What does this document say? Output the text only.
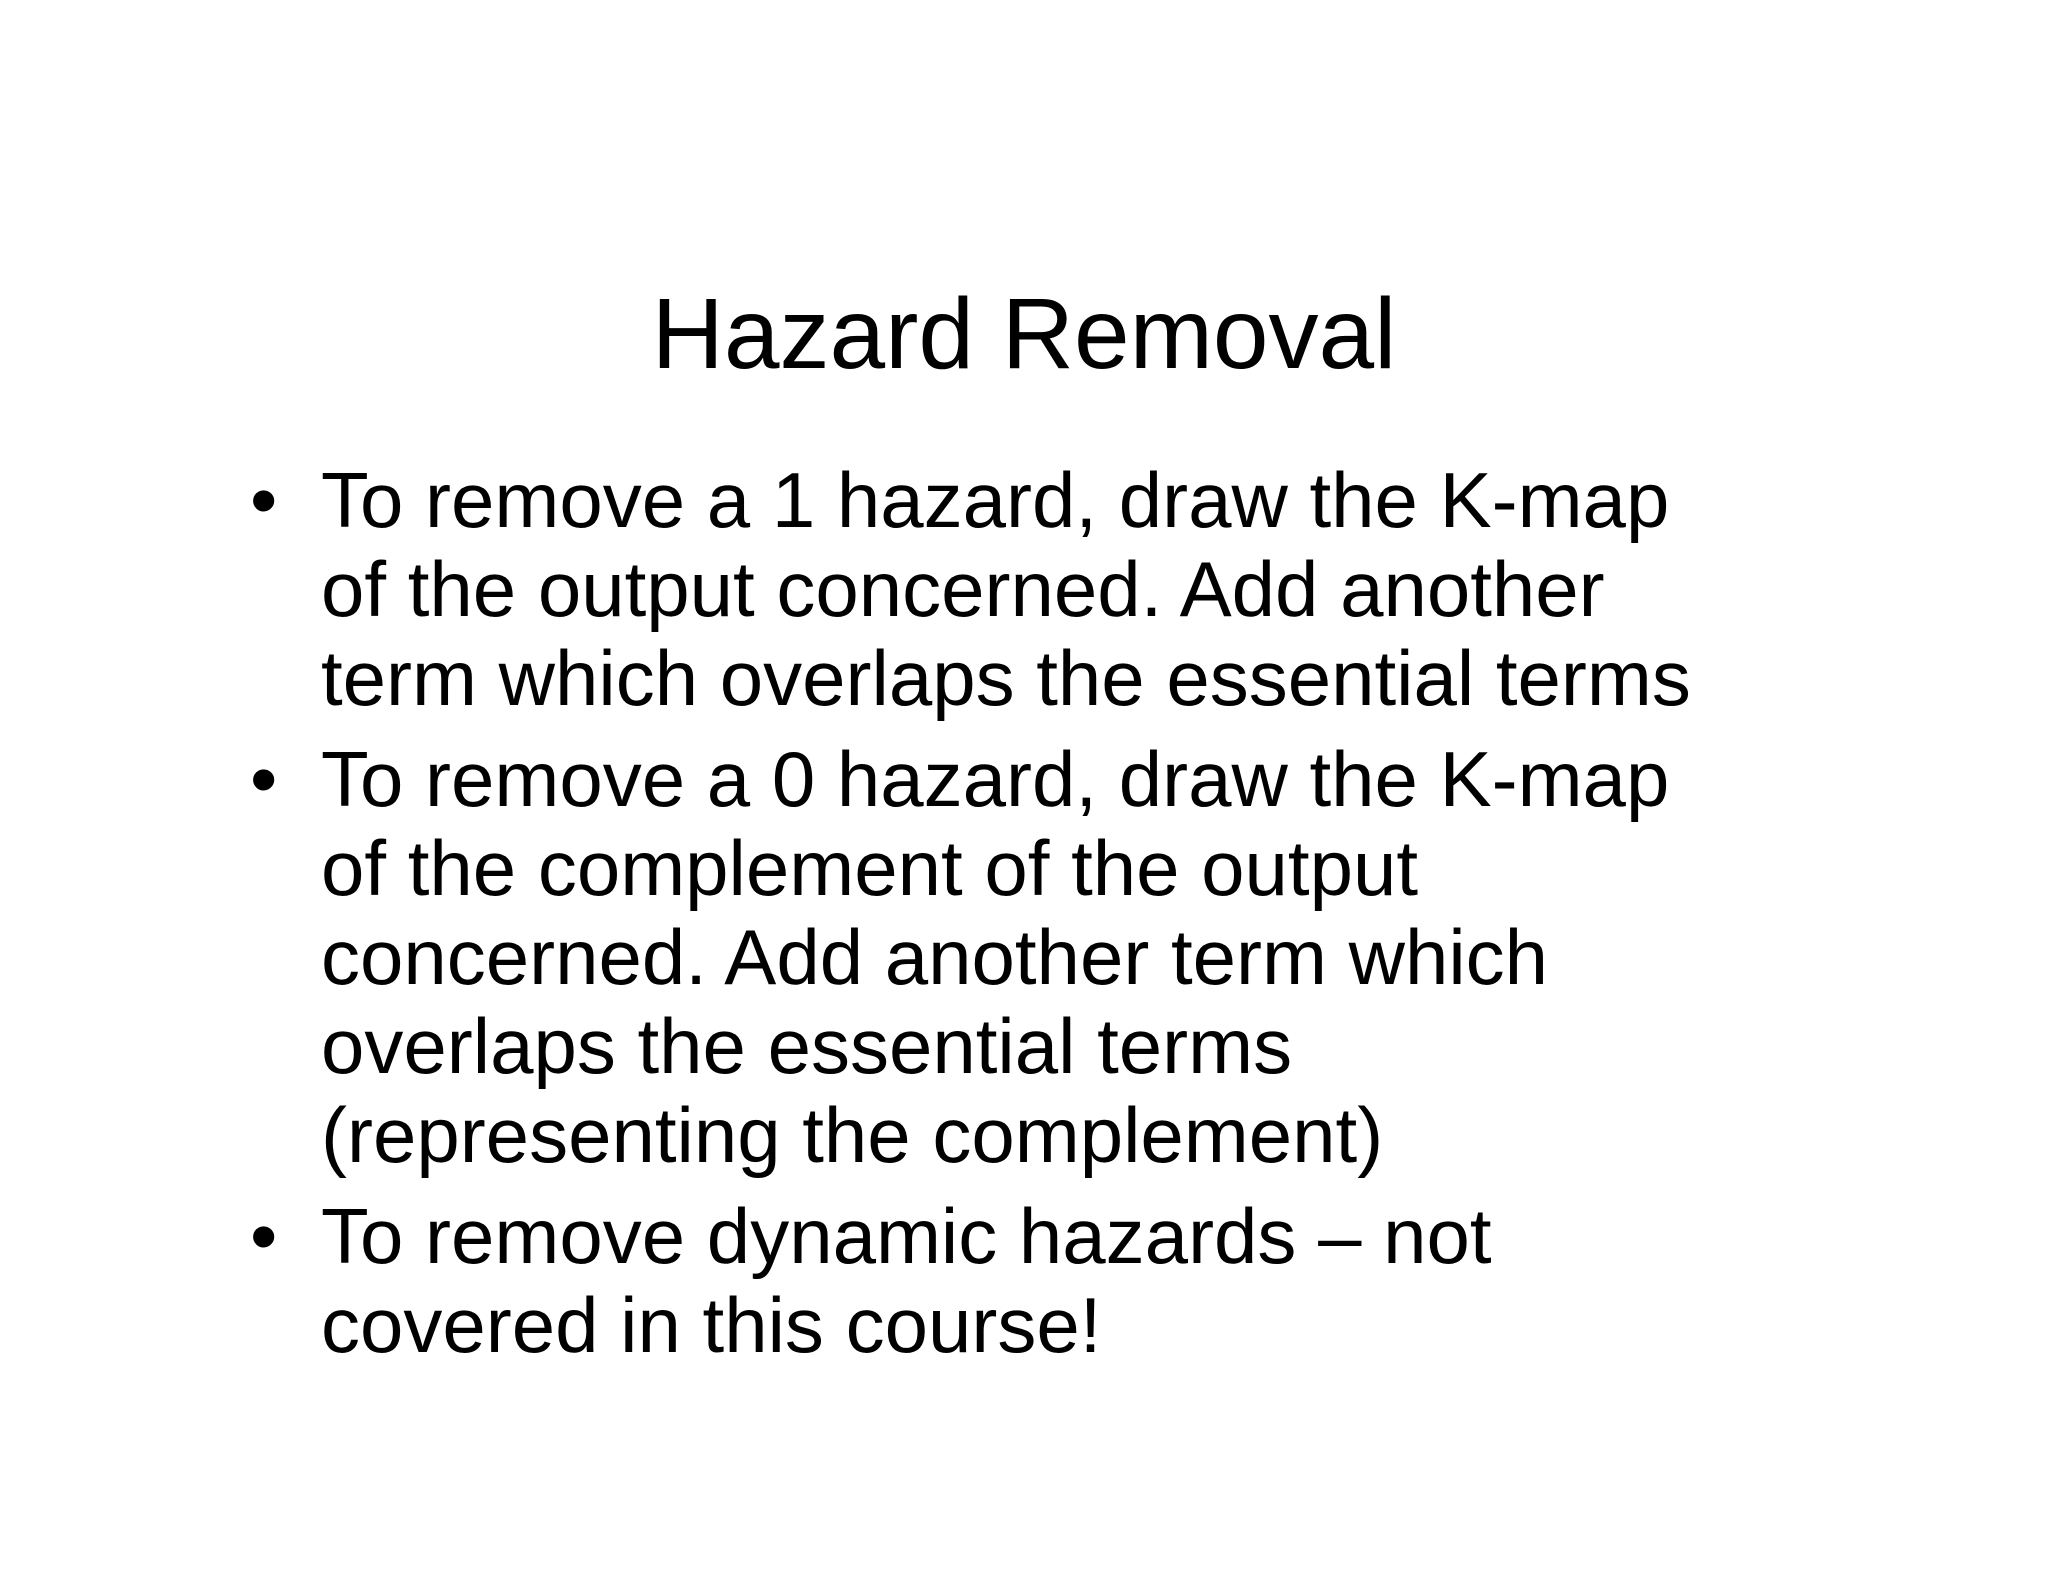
Hazard Removal
• To remove a 1 hazard, draw the K-map
of the output concerned. Add another
term which overlaps the essential terms
• To remove a 0 hazard, draw the K-map
of the complement of the output
concerned. Add another term which
overlaps the essential terms
(representing the complement)
• To remove dynamic hazards – not
covered in this course!
